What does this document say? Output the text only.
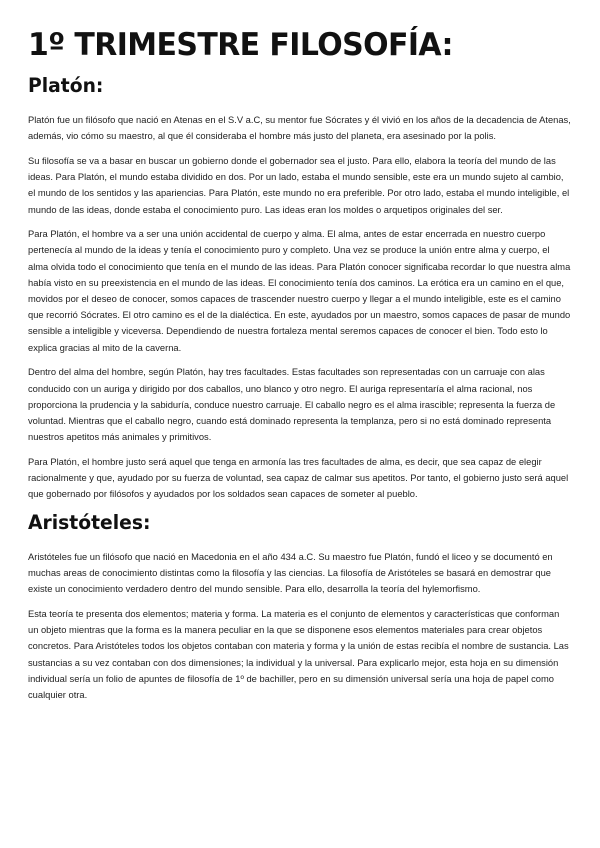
1º TRIMESTRE FILOSOFÍA:
Platón:

Platón fue un filósofo que nació en Atenas en el S.V a.C, su mentor fue Sócrates y él vivió en los años de la decadencia de Atenas, además, vio cómo su maestro, al que él consideraba el hombre más justo del planeta, era asesinado por la polis.

Su filosofía se va a basar en buscar un gobierno donde el gobernador sea el justo. Para ello, elabora la teoría del mundo de las ideas. Para Platón, el mundo estaba dividido en dos. Por un lado, estaba el mundo sensible, este era un mundo sujeto al cambio, el mundo de los sentidos y las apariencias. Para Platón, este mundo no era preferible. Por otro lado, estaba el mundo inteligible, el mundo de las ideas, donde estaba el conocimiento puro. Las ideas eran los moldes o arquetipos originales del ser.

Para Platón, el hombre va a ser una unión accidental de cuerpo y alma. El alma, antes de estar encerrada en nuestro cuerpo pertenecía al mundo de la ideas y tenía el conocimiento puro y completo. Una vez se produce la unión entre alma y cuerpo, el alma olvida todo el conocimiento que tenía en el mundo de las ideas. Para Platón conocer significaba recordar lo que nuestra alma había visto en su preexistencia en el mundo de las ideas. El conocimiento tenía dos caminos. La erótica era un camino en el que, movidos por el deseo de conocer, somos capaces de trascender nuestro cuerpo y llegar a el mundo inteligible, este es el camino que recorrió Sócrates. El otro camino es el de la dialéctica. En este, ayudados por un maestro, somos capaces de pasar de mundo sensible a inteligible y viceversa. Dependiendo de nuestra fortaleza mental seremos capaces de conocer el bien. Todo esto lo explica gracias al mito de la caverna.

Dentro del alma del hombre, según Platón, hay tres facultades. Estas facultades son representadas con un carruaje con alas conducido con un auriga y dirigido por dos caballos, uno blanco y otro negro. El auriga representaría el alma racional, nos proporciona la prudencia y la sabiduría, conduce nuestro carruaje. El caballo negro es el alma irascible; representa la fuerza de voluntad. Mientras que el caballo negro, cuando está dominado representa la templanza, pero si no está dominado representa nuestros apetitos más animales y primitivos.

Para Platón, el hombre justo será aquel que tenga en armonía las tres facultades de alma, es decir, que sea capaz de elegir racionalmente y que, ayudado por su fuerza de voluntad, sea capaz de calmar sus apetitos. Por tanto, el gobierno justo será aquel que gobernado por filósofos y ayudados por los soldados sean capaces de someter al pueblo.

Aristóteles:

Aristóteles fue un filósofo que nació en Macedonia en el año 434 a.C. Su maestro fue Platón, fundó el liceo y se documentó en muchas areas de conocimiento distintas como la filosofía y las ciencias. La filosofía de Aristóteles se basará en demostrar que existe un conocimiento verdadero dentro del mundo sensible. Para ello, desarrolla la teoría del hylemorfismo.

Esta teoría te presenta dos elementos; materia y forma. La materia es el conjunto de elementos y características que conforman un objeto mientras que la forma es la manera peculiar en la que se disponene esos elementos materiales para crear objetos concretos. Para Aristóteles todos los objetos contaban con materia y forma y la unión de estas recibía el nombre de sustancia. Las sustancias a su vez contaban con dos dimensiones; la individual y la universal. Para explicarlo mejor, esta hoja en su dimensión individual sería un folio de apuntes de filosofía de 1º de bachiller, pero en su dimensión universal sería una hoja de papel como cualquier otra.
